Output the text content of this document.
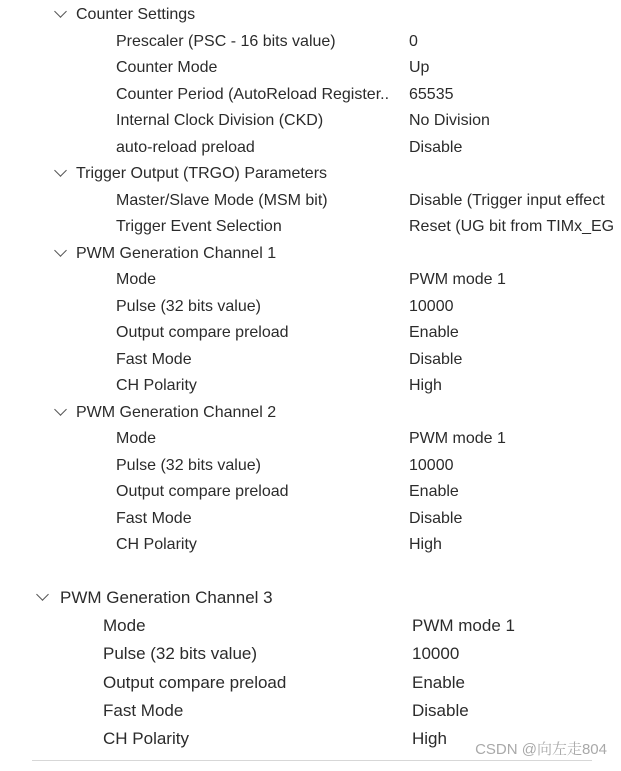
Counter Settings
Prescaler (PSC - 16 bits value)	0
Counter Mode	Up
Counter Period (AutoReload Register..	65535
Internal Clock Division (CKD)	No Division
auto-reload preload	Disable
Trigger Output (TRGO) Parameters
Master/Slave Mode (MSM bit)	Disable (Trigger input effect
Trigger Event Selection	Reset (UG bit from TIMx_EG
PWM Generation Channel 1
Mode	PWM mode 1
Pulse (32 bits value)	10000
Output compare preload	Enable
Fast Mode	Disable
CH Polarity	High
PWM Generation Channel 2
Mode	PWM mode 1
Pulse (32 bits value)	10000
Output compare preload	Enable
Fast Mode	Disable
CH Polarity	High
PWM Generation Channel 3
Mode	PWM mode 1
Pulse (32 bits value)	10000
Output compare preload	Enable
Fast Mode	Disable
CH Polarity	High
CSDN @向左走804
